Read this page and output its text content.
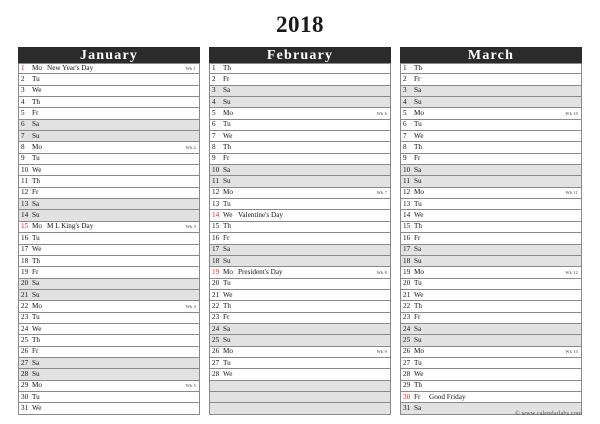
2018
January
1	Mo New Year's Day	Wk 1
2	Tu
3	We
4	Th
5	Fr
6	Sa
7	Su
8	Mo	Wk 2
9	Tu
10 We
11 Th
12 Fr
13 Sa
14 Su
15 Mo M L King's Day	Wk 3
16 Tu
17 We
18 Th
19 Fr
20 Sa
21 Su
22 Mo	Wk 4
23 Tu
24 We
25 Th
26 Fr
27 Sa
28 Su
29 Mo	Wk 5
30 Tu
31 We
February
1	Th
2	Fr
3	Sa
4	Su
5	Mo	Wk 6
6	Tu
7	We
8	Th
9	Fr
10 Sa
11 Su
12 Mo	Wk 7
13 Tu
14 We Valentine's Day
15 Th
16 Fr
17 Sa
18 Su
19 Mo President's Day	Wk 8
20 Tu
21 We
22 Th
23 Fr
24 Sa
25 Su
26 Mo	Wk 9
27 Tu
28 We
March
1	Th
2	Fr
3	Sa
4	Su
5	Mo	Wk 10
6	Tu
7	We
8	Th
9	Fr
10 Sa
11 Su
12 Mo	Wk 11
13 Tu
14 We
15 Th
16 Fr
17 Sa
18 Su
19 Mo	Wk 12
20 Tu
21 We
22 Th
23 Fr
24 Sa
25 Su
26 Mo	Wk 13
27 Tu
28 We
29 Th
30 Fr	Good Friday
31 Sa
© www.calendarlabs.com
